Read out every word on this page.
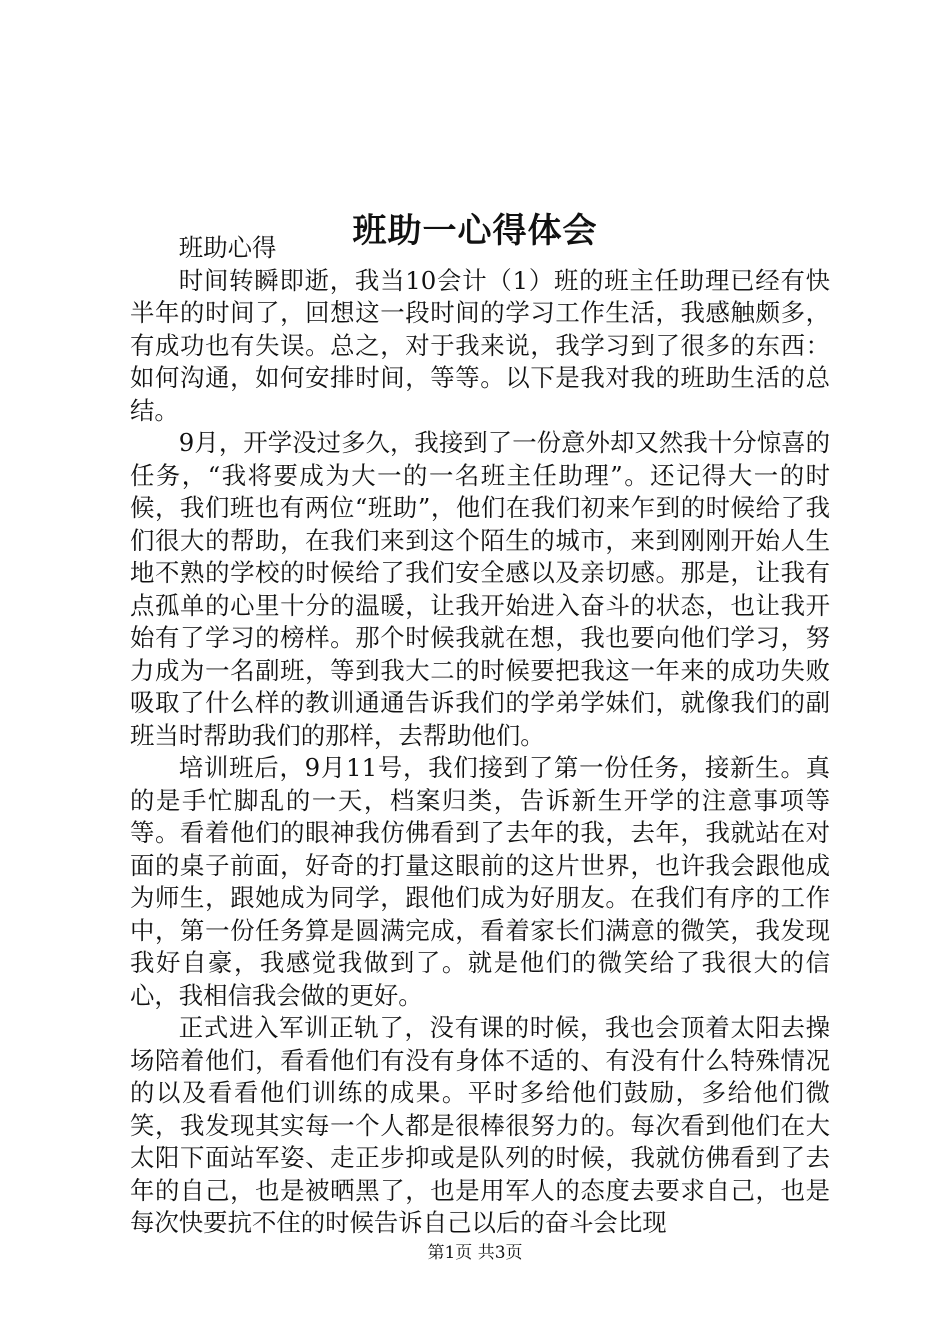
班助一心得体会

班助心得

时间转瞬即逝，我当10会计（1）班的班主任助理已经有快半年的时间了，回想这一段时间的学习工作生活，我感触颇多，有成功也有失误。总之，对于我来说，我学习到了很多的东西：如何沟通，如何安排时间，等等。以下是我对我的班助生活的总结。

9月，开学没过多久，我接到了一份意外却又然我十分惊喜的任务，“我将要成为大一的一名班主任助理”。还记得大一的时候，我们班也有两位“班助”，他们在我们初来乍到的时候给了我们很大的帮助，在我们来到这个陌生的城市，来到刚刚开始人生地不熟的学校的时候给了我们安全感以及亲切感。那是，让我有点孤单的心里十分的温暖，让我开始进入奋斗的状态，也让我开始有了学习的榜样。那个时候我就在想，我也要向他们学习，努力成为一名副班，等到我大二的时候要把我这一年来的成功失败吸取了什么样的教训通通告诉我们的学弟学妹们，就像我们的副班当时帮助我们的那样，去帮助他们。

培训班后，9月11号，我们接到了第一份任务，接新生。真的是手忙脚乱的一天，档案归类，告诉新生开学的注意事项等等。看着他们的眼神我仿佛看到了去年的我，去年，我就站在对面的桌子前面，好奇的打量这眼前的这片世界，也许我会跟他成为师生，跟她成为同学，跟他们成为好朋友。在我们有序的工作中，第一份任务算是圆满完成，看着家长们满意的微笑，我发现我好自豪，我感觉我做到了。就是他们的微笑给了我很大的信心，我相信我会做的更好。

正式进入军训正轨了，没有课的时候，我也会顶着太阳去操场陪着他们，看看他们有没有身体不适的、有没有什么特殊情况的以及看看他们训练的成果。平时多给他们鼓励，多给他们微笑，我发现其实每一个人都是很棒很努力的。每次看到他们在大太阳下面站军姿、走正步抑或是队列的时候，我就仿佛看到了去年的自己，也是被晒黑了，也是用军人的态度去要求自己，也是每次快要抗不住的时候告诉自己以后的奋斗会比现

第1页 共3页
